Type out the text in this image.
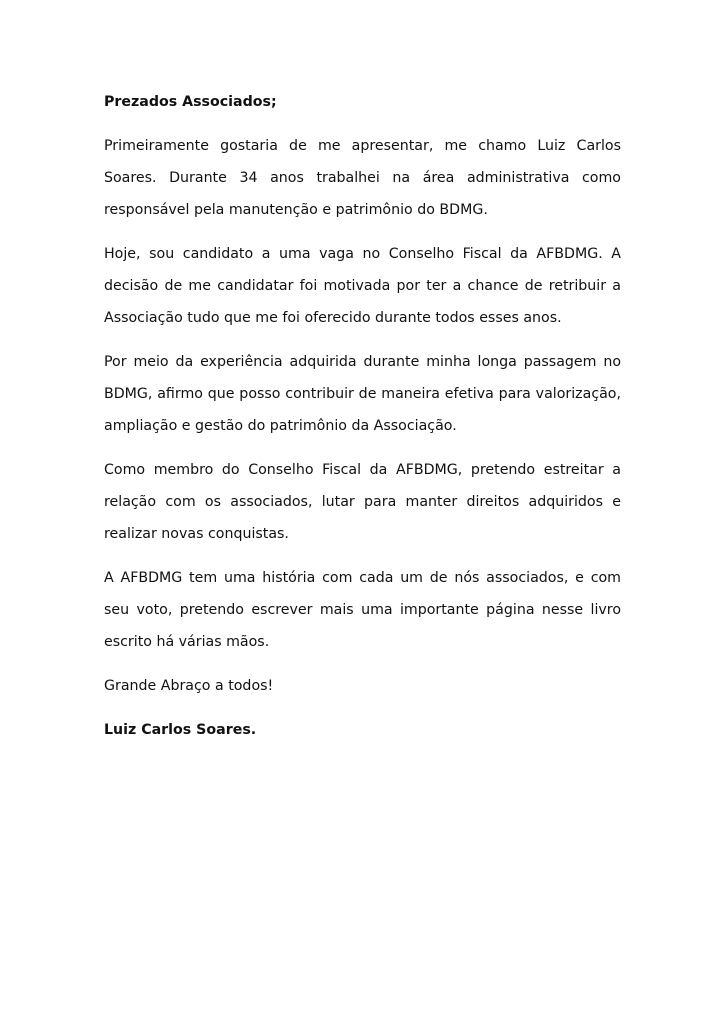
Prezados Associados;

Primeiramente gostaria de me apresentar, me chamo Luiz Carlos Soares. Durante 34 anos trabalhei na área administrativa como responsável pela manutenção e patrimônio do BDMG.

Hoje, sou candidato a uma vaga no Conselho Fiscal da AFBDMG. A decisão de me candidatar foi motivada por ter a chance de retribuir a Associação tudo que me foi oferecido durante todos esses anos.

Por meio da experiência adquirida durante minha longa passagem no BDMG, afirmo que posso contribuir de maneira efetiva para valorização, ampliação e gestão do patrimônio da Associação.

Como membro do Conselho Fiscal da AFBDMG, pretendo estreitar a relação com os associados, lutar para manter direitos adquiridos e realizar novas conquistas.

A AFBDMG tem uma história com cada um de nós associados, e com seu voto, pretendo escrever mais uma importante página nesse livro escrito há várias mãos.

Grande Abraço a todos!

Luiz Carlos Soares.
